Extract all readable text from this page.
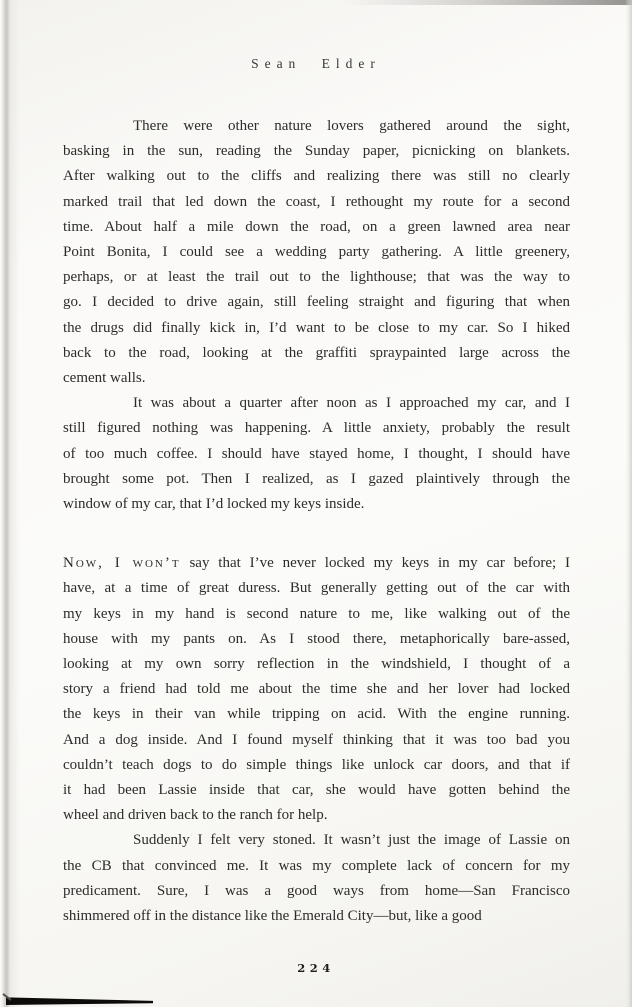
Sean Elder
There were other nature lovers gathered around the sight,
basking in the sun, reading the Sunday paper, picnicking on blankets.
After walking out to the cliffs and realizing there was still no clearly
marked trail that led down the coast, I rethought my route for a second
time. About half a mile down the road, on a green lawned area near
Point Bonita, I could see a wedding party gathering. A little greenery,
perhaps, or at least the trail out to the lighthouse; that was the way to
go. I decided to drive again, still feeling straight and figuring that when
the drugs did finally kick in, I’d want to be close to my car. So I hiked
back to the road, looking at the graffiti spraypainted large across the
cement walls.
It was about a quarter after noon as I approached my car, and I
still figured nothing was happening. A little anxiety, probably the result
of too much coffee. I should have stayed home, I thought, I should have
brought some pot. Then I realized, as I gazed plaintively through the
window of my car, that I’d locked my keys inside.
Now, I won’t say that I’ve never locked my keys in my car before; I
have, at a time of great duress. But generally getting out of the car with
my keys in my hand is second nature to me, like walking out of the
house with my pants on. As I stood there, metaphorically bare-assed,
looking at my own sorry reflection in the windshield, I thought of a
story a friend had told me about the time she and her lover had locked
the keys in their van while tripping on acid. With the engine running.
And a dog inside. And I found myself thinking that it was too bad you
couldn’t teach dogs to do simple things like unlock car doors, and that if
it had been Lassie inside that car, she would have gotten behind the
wheel and driven back to the ranch for help.
Suddenly I felt very stoned. It wasn’t just the image of Lassie on
the CB that convinced me. It was my complete lack of concern for my
predicament. Sure, I was a good ways from home—San Francisco
shimmered off in the distance like the Emerald City—but, like a good
224
